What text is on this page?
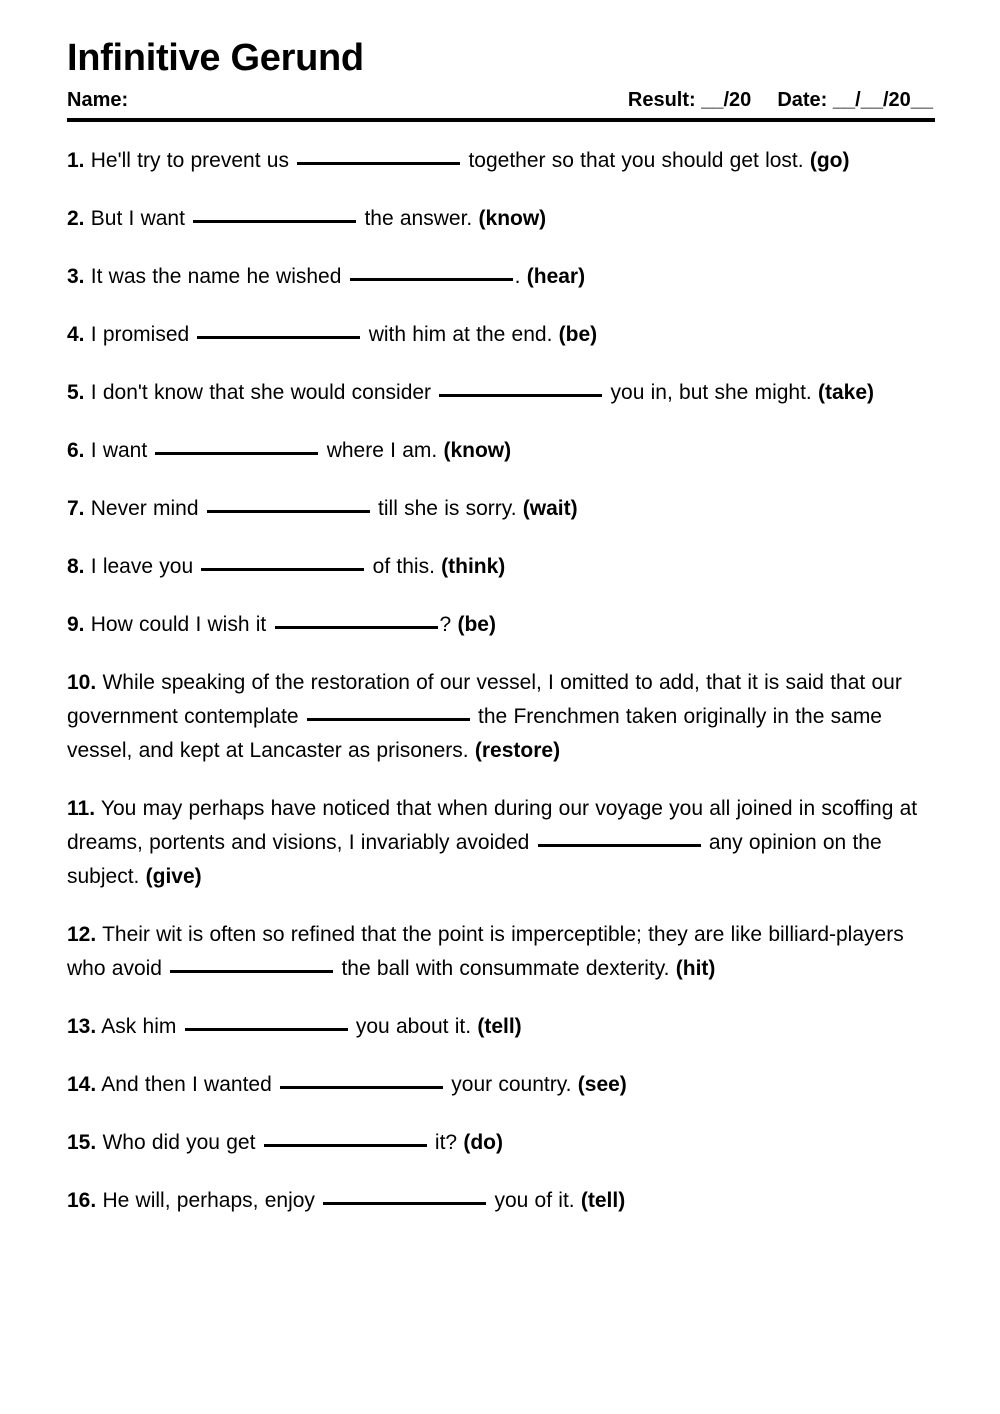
Infinitive Gerund
Name:	Result: __/20 Date: __/__/20__

1. He'll try to prevent us	together so that you should get lost. (go)

2. But I want	the answer. (know)

3. It was the name he wished	. (hear)

4. I promised	with him at the end. (be)

5. I don't know that she would consider	you in, but she might. (take)

6. I want	where I am. (know)

7. Never mind	till she is sorry. (wait)

8. I leave you	of this. (think)

9. How could I wish it	? (be)

10. While speaking of the restoration of our vessel, I omitted to add, that it is said that our government contemplate	the Frenchmen taken originally in the same vessel, and kept at Lancaster as prisoners. (restore)

11. You may perhaps have noticed that when during our voyage you all joined in scoffing at dreams, portents and visions, I invariably avoided	any opinion on the subject. (give)

12. Their wit is often so refined that the point is imperceptible; they are like billiard-players who avoid	the ball with consummate dexterity. (hit)

13. Ask him	you about it. (tell)

14. And then I wanted	your country. (see)

15. Who did you get	it? (do)

16. He will, perhaps, enjoy	you of it. (tell)
